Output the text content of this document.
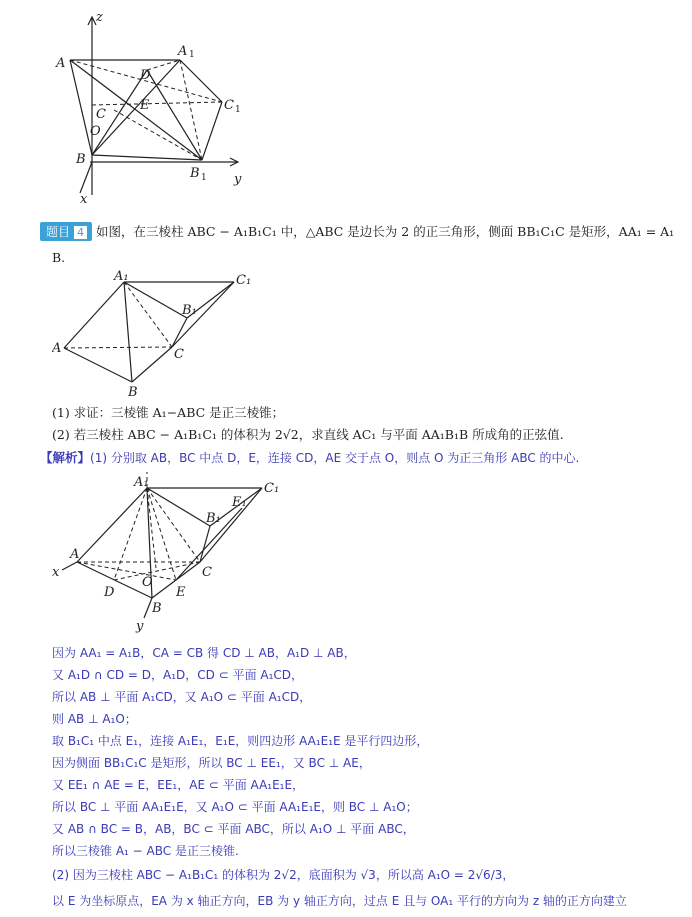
z
y
x
A
A 1
D
C
E	C 1
O
B
B 1
题目 4 如图，在三棱柱 ABC − A₁B₁C₁ 中，△ABC 是边长为 2 的正三角形，侧面 BB₁C₁C 是矩形，AA₁ = A₁
B.
A₁	C₁
B₁
A	C
B
(1) 求证：三棱锥 A₁−ABC 是正三棱锥；
(2) 若三棱柱 ABC − A₁B₁C₁ 的体积为 2√2，求直线 AC₁ 与平面 AA₁B₁B 所成角的正弦值.
【解析】(1) 分别取 AB，BC 中点 D，E，连接 CD，AE 交于点 O，则点 O 为正三角形 ABC 的中心.
A₁	C₁
E₁
B₁
x
A
D
O
E
C
B
y
因为 AA₁ = A₁B，CA = CB 得 CD ⊥ AB，A₁D ⊥ AB，
又 A₁D ∩ CD = D，A₁D，CD ⊂ 平面 A₁CD，
所以 AB ⊥ 平面 A₁CD，又 A₁O ⊂ 平面 A₁CD，
则 AB ⊥ A₁O；
取 B₁C₁ 中点 E₁，连接 A₁E₁，E₁E，则四边形 AA₁E₁E 是平行四边形，
因为侧面 BB₁C₁C 是矩形，所以 BC ⊥ EE₁，又 BC ⊥ AE，
又 EE₁ ∩ AE = E，EE₁，AE ⊂ 平面 AA₁E₁E，
所以 BC ⊥ 平面 AA₁E₁E，又 A₁O ⊂ 平面 AA₁E₁E，则 BC ⊥ A₁O；
又 AB ∩ BC = B，AB，BC ⊂ 平面 ABC，所以 A₁O ⊥ 平面 ABC，
所以三棱锥 A₁ − ABC 是正三棱锥.
(2) 因为三棱柱 ABC − A₁B₁C₁ 的体积为 2√2，底面积为 √3，所以高 A₁O = 2√6/3，
以 E 为坐标原点，EA 为 x 轴正方向，EB 为 y 轴正方向，过点 E 且与 OA₁ 平行的方向为 z 轴的正方向建立
